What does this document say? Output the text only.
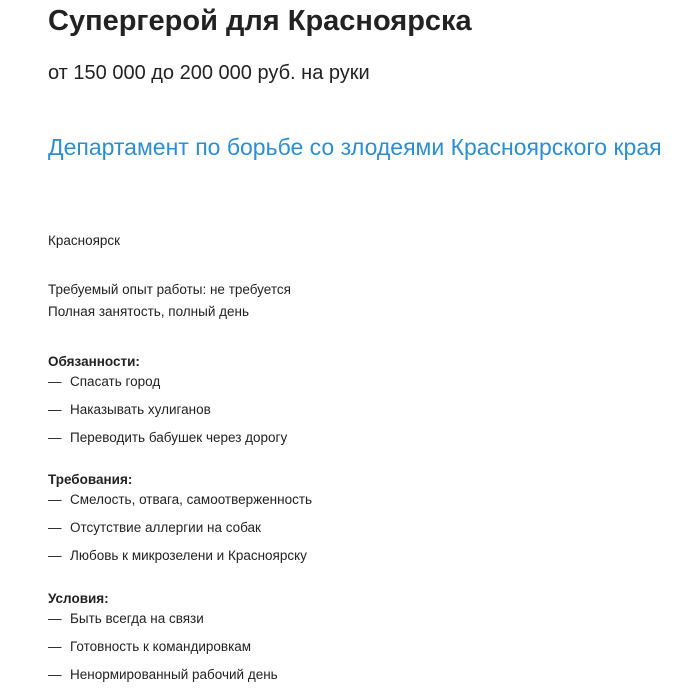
Супергерой для Красноярска
от 150 000 до 200 000 руб. на руки
Департамент по борьбе со злодеями Красноярского края
Красноярск
Требуемый опыт работы: не требуется
Полная занятость, полный день
Обязанности:
— Спасать город
— Наказывать хулиганов
— Переводить бабушек через дорогу
Требования:
— Смелость, отвага, самоотверженность
— Отсутствие аллергии на собак
— Любовь к микрозелени и Красноярску
Условия:
— Быть всегда на связи
— Готовность к командировкам
— Ненормированный рабочий день
